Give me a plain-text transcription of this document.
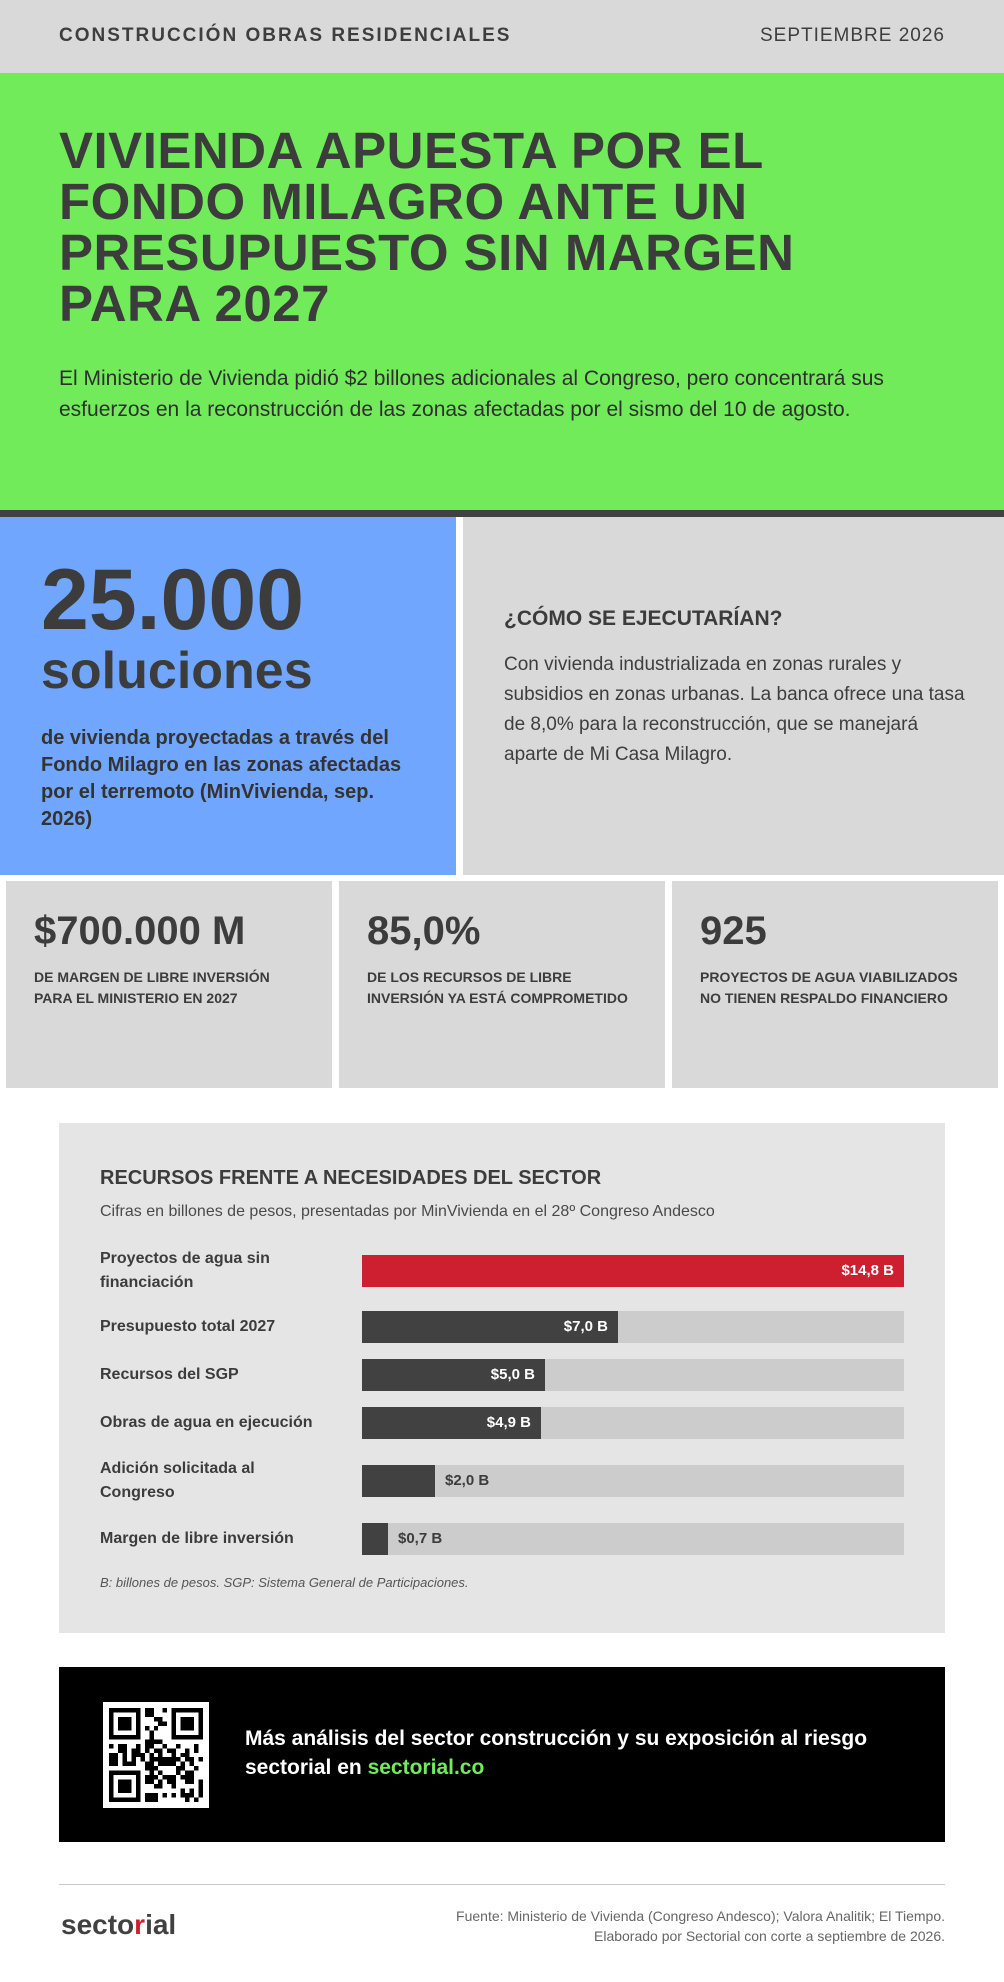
CONSTRUCCIÓN OBRAS RESIDENCIALES	SEPTIEMBRE 2026
VIVIENDA APUESTA POR EL FONDO MILAGRO ANTE UN PRESUPUESTO SIN MARGEN PARA 2027

El Ministerio de Vivienda pidió $2 billones adicionales al Congreso, pero concentrará sus esfuerzos en la reconstrucción de las zonas afectadas por el sismo del 10 de agosto.

25.000
soluciones
de vivienda proyectadas a través del Fondo Milagro en las zonas afectadas por el terremoto (MinVivienda, sep. 2026)
¿CÓMO SE EJECUTARÍAN?

Con vivienda industrializada en zonas rurales y subsidios en zonas urbanas. La banca ofrece una tasa de 8,0% para la reconstrucción, que se manejará aparte de Mi Casa Milagro.

$700.000 M
DE MARGEN DE LIBRE INVERSIÓN PARA EL MINISTERIO EN 2027
85,0%
DE LOS RECURSOS DE LIBRE INVERSIÓN YA ESTÁ COMPROMETIDO
925
PROYECTOS DE AGUA VIABILIZADOS NO TIENEN RESPALDO FINANCIERO
RECURSOS FRENTE A NECESIDADES DEL SECTOR
Cifras en billones de pesos, presentadas por MinVivienda en el 28º Congreso Andesco
B: billones de pesos. SGP: Sistema General de Participaciones.
Proyectos de agua sin financiación
$14,8 B
Presupuesto total 2027	$7,0 B
Recursos del SGP	$5,0 B
Obras de agua en ejecución	$4,9 B
Adición solicitada al Congreso
$2,0 B
Margen de libre inversión	$0,7 B
Más análisis del sector construcción y su exposición al riesgo sectorial en sectorial.co
sectorial	Fuente: Ministerio de Vivienda (Congreso Andesco); Valora Analitik; El Tiempo.
Elaborado por Sectorial con corte a septiembre de 2026.
